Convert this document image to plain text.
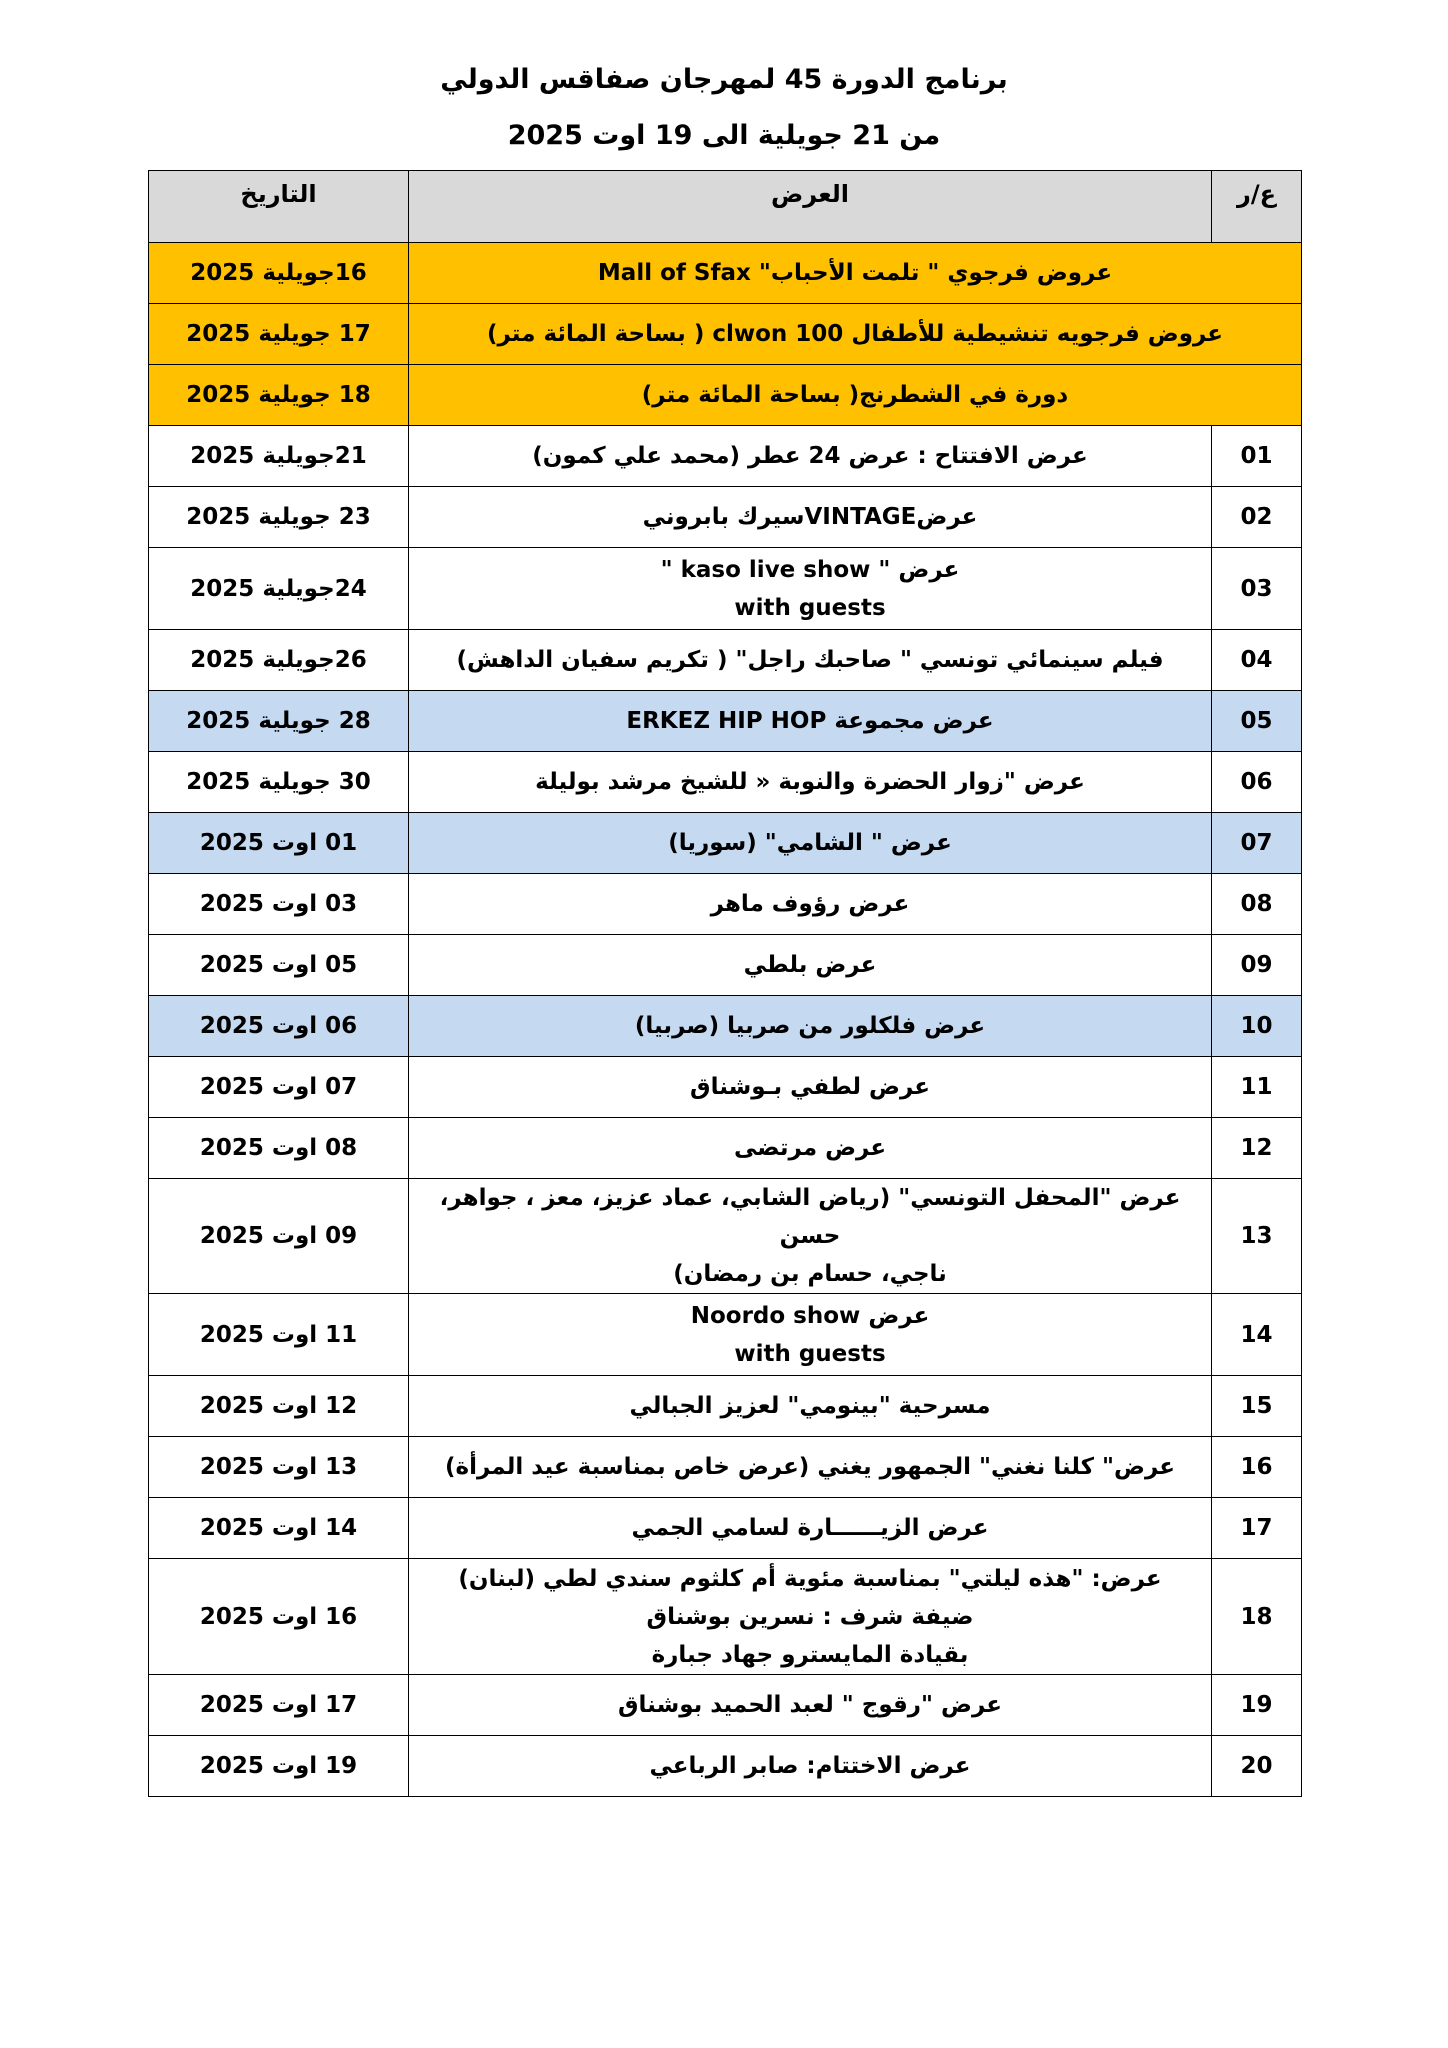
برنامج الدورة 45 لمهرجان صفاقس الدولي
من 21 جويلية الى 19 اوت 2025
ع/ر	العرض	التاريخ
عروض فرجوي " تلمت الأحباب" Mall of Sfax		16جويلية 2025
عروض فرجويه تنشيطية للأطفال clwon 100 ( بساحة المائة متر)		17 جويلية 2025
دورة في الشطرنج( بساحة المائة متر)		18 جويلية 2025
01	عرض الافتتاح : عرض 24 عطر (محمد علي كمون)	21جويلية 2025
02	عرضVINTAGEسيرك بابروني	23 جويلية 2025
03	عرض " kaso live show "
with guests	24جويلية 2025
04	فيلم سينمائي تونسي " صاحبك راجل" ( تكريم سفيان الداهش)	26جويلية 2025
05	عرض مجموعة ERKEZ HIP HOP	28 جويلية 2025
06	عرض "زوار الحضرة والنوبة « للشيخ مرشد بوليلة	30 جويلية 2025
07	عرض " الشامي" (سوريا)	01 اوت 2025
08	عرض رؤوف ماهر	03 اوت 2025
09	عرض بلطي	05 اوت 2025
10	عرض فلكلور من صربيا (صربيا)	06 اوت 2025
11	عرض لطفي بـوشناق	07 اوت 2025
12	عرض مرتضى	08 اوت 2025
13	عرض "المحفل التونسي" (رياض الشابي، عماد عزيز، معز ، جواهر، حسن
ناجي، حسام بن رمضان)	09 اوت 2025
14	عرض Noordo show
with guests	11 اوت 2025
15	مسرحية "بينومي" لعزيز الجبالي	12 اوت 2025
16	عرض" كلنا نغني" الجمهور يغني (عرض خاص بمناسبة عيد المرأة)	13 اوت 2025
17	عرض الزيــــــارة لسامي الجمي	14 اوت 2025
18	عرض: "هذه ليلتي" بمناسبة مئوية أم كلثوم سندي لطي (لبنان)
ضيفة شرف : نسرين بوشناق
بقيادة المايسترو جهاد جبارة	16 اوت 2025
19	عرض "رقوج " لعبد الحميد بوشناق	17 اوت 2025
20	عرض الاختتام: صابر الرباعي	19 اوت 2025
